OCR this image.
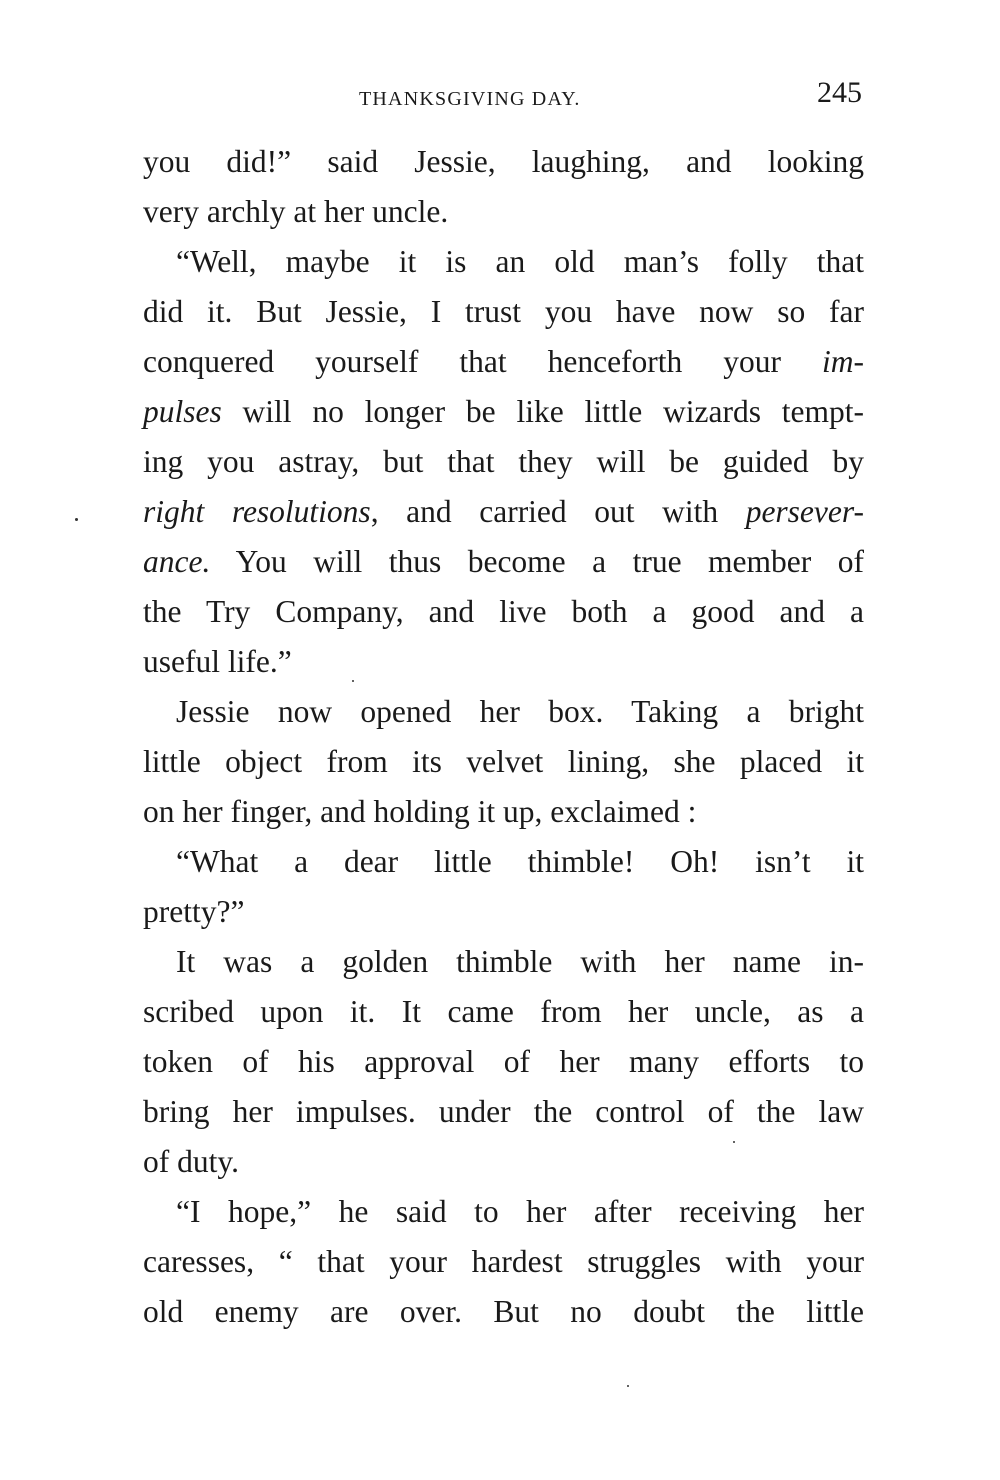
THANKSGIVING DAY.	245
you did!” said Jessie, laughing, and looking
very archly at her uncle.
“Well, maybe it is an old man’s folly that
did it. But Jessie, I trust you have now so far
conquered yourself that henceforth your im-
pulses will no longer be like little wizards tempt-
ing you astray, but that they will be guided by
right resolutions, and carried out with persever-
ance. You will thus become a true member of
the Try Company, and live both a good and a
useful life.”
Jessie now opened her box. Taking a bright
little object from its velvet lining, she placed it
on her finger, and holding it up, exclaimed :
“What a dear little thimble! Oh! isn’t it
pretty?”
It was a golden thimble with her name in-
scribed upon it. It came from her uncle, as a
token of his approval of her many efforts to
bring her impulses. under the control of the law
of duty.
“I hope,” he said to her after receiving her
caresses, “ that your hardest struggles with your
old enemy are over. But no doubt the little
